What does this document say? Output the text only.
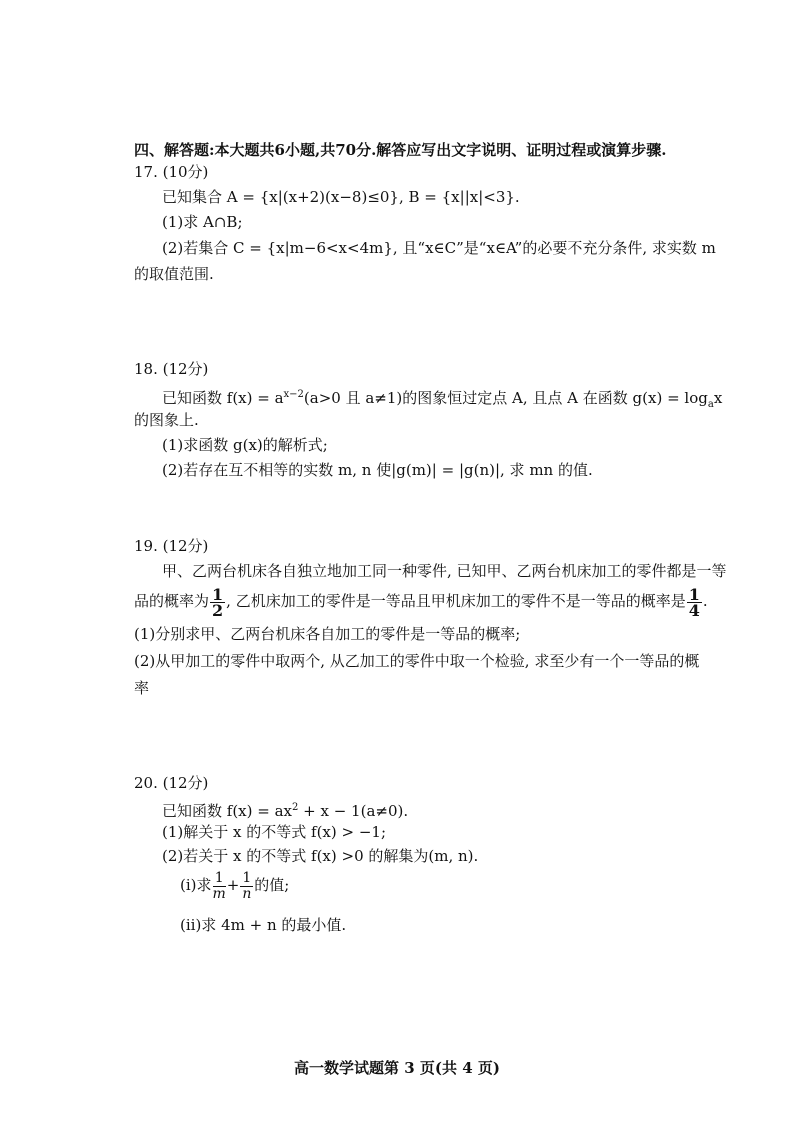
四、解答题:本大题共6小题,共70分.解答应写出文字说明、证明过程或演算步骤.
17. (10分)
已知集合 A = {x|(x+2)(x−8)≤0}, B = {x||x|<3}.
(1)求 A∩B;
(2)若集合 C = {x|m−6<x<4m}, 且“x∈C”是“x∈A”的必要不充分条件, 求实数 m
的取值范围.
18. (12分)
已知函数 $f(x) = a^{x-2}(a>0$ 且 a≠1)的图象恒过定点 A, 且点 A 在函数 $g(x) = \log_ax$
的图象上.
(1)求函数 g(x)的解析式;
(2)若存在互不相等的实数 m, n 使|g(m)| = |g(n)|, 求 mn 的值.
19. (12分)
甲、乙两台机床各自独立地加工同一种零件, 已知甲、乙两台机床加工的零件都是一等
品的概率为 $\frac{1}{2}$ , 乙机床加工的零件是一等品且甲机床加工的零件不是一等品的概率是 $\frac{1}{4}$ .
(1)分别求甲、乙两台机床各自加工的零件是一等品的概率;
(2)从甲加工的零件中取两个, 从乙加工的零件中取一个检验, 求至少有一个一等品的概
率
20. (12分)
已知函数 $f(x) = ax^2 + x - 1(a\ne 0)$.
(1)解关于 x 的不等式 f(x) > −1;
(2)若关于 x 的不等式 f(x) >0 的解集为(m, n).
(ⅰ)求 $\frac{1}{m} + \frac{1}{n}$ 的值;
(ⅱ)求 4m + n 的最小值.
高一数学试题第 3 页(共 4 页)
